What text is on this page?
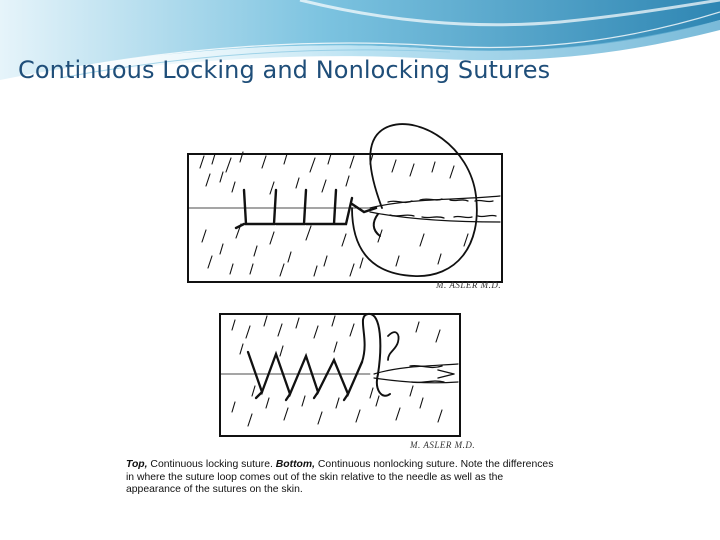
Continuous Locking and Nonlocking Sutures
M. ASLER M.D.
M. ASLER M.D.

Top, Continuous locking suture. Bottom, Continuous nonlocking suture. Note the differences in where the suture loop comes out of the skin relative to the needle as well as the appearance of the sutures on the skin.
